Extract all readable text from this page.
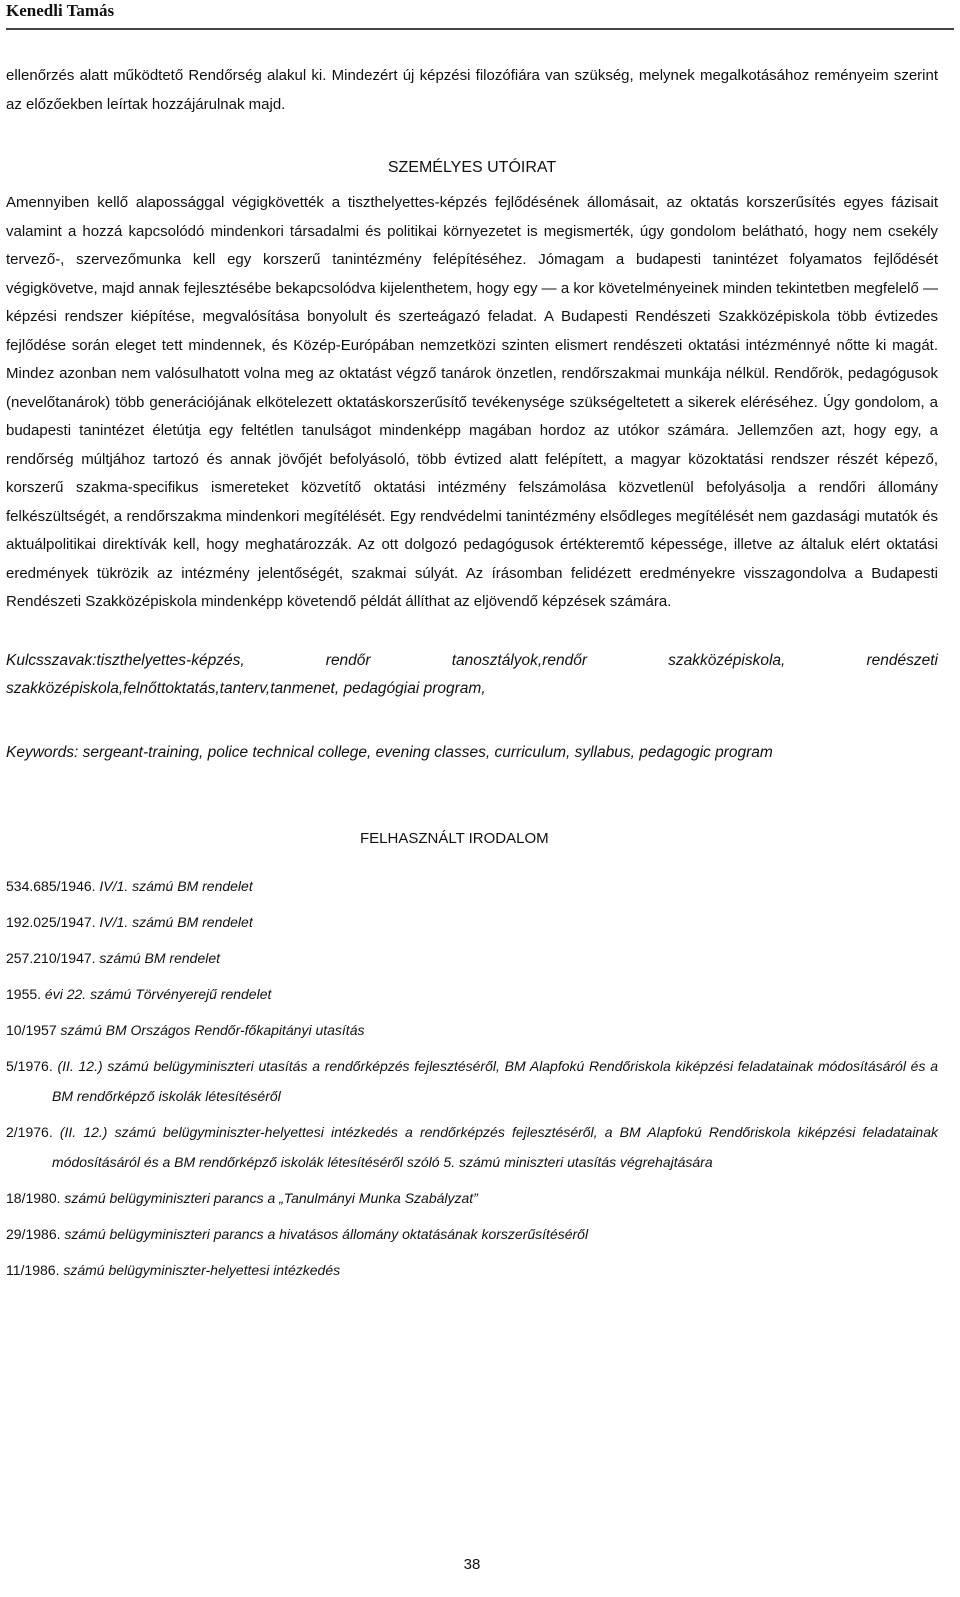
Kenedli Tamás

ellenőrzés alatt működtető Rendőrség alakul ki. Mindezért új képzési filozófiára van szükség, melynek megalkotásához reményeim szerint az előzőekben leírtak hozzájárulnak majd.

SZEMÉLYES UTÓIRAT

Amennyiben kellő alapossággal végigkövették a tiszthelyettes-képzés fejlődésének állomásait, az oktatás korszerűsítés egyes fázisait valamint a hozzá kapcsolódó mindenkori társadalmi és politikai környezetet is megismerték, úgy gondolom belátható, hogy nem csekély tervező-, szervezőmunka kell egy korszerű tanintézmény felépítéséhez. Jómagam a budapesti tanintézet folyamatos fejlődését végigkövetve, majd annak fejlesztésébe bekapcsolódva kijelenthetem, hogy egy — a kor követelményeinek minden tekintetben megfelelő — képzési rendszer kiépítése, megvalósítása bonyolult és szerteágazó feladat. A Budapesti Rendészeti Szakközépiskola több évtizedes fejlődése során eleget tett mindennek, és Közép-Európában nemzetközi szinten elismert rendészeti oktatási intézménnyé nőtte ki magát. Mindez azonban nem valósulhatott volna meg az oktatást végző tanárok önzetlen, rendőrszakmai munkája nélkül. Rendőrök, pedagógusok (nevelőtanárok) több generációjának elkötelezett oktatáskorszerűsítő tevékenysége szükségeltetett a sikerek eléréséhez. Úgy gondolom, a budapesti tanintézet életútja egy feltétlen tanulságot mindenképp magában hordoz az utókor számára. Jellemzően azt, hogy egy, a rendőrség múltjához tartozó és annak jövőjét befolyásoló, több évtized alatt felépített, a magyar közoktatási rendszer részét képező, korszerű szakma-specifikus ismereteket közvetítő oktatási intézmény felszámolása közvetlenül befolyásolja a rendőri állomány felkészültségét, a rendőrszakma mindenkori megítélését. Egy rendvédelmi tanintézmény elsődleges megítélését nem gazdasági mutatók és aktuálpolitikai direktívák kell, hogy meghatározzák. Az ott dolgozó pedagógusok értékteremtő képessége, illetve az általuk elért oktatási eredmények tükrözik az intézmény jelentőségét, szakmai súlyát. Az írásomban felidézett eredményekre visszagondolva a Budapesti Rendészeti Szakközépiskola mindenképp követendő példát állíthat az eljövendő képzések számára.

Kulcsszavak:tiszthelyettes-képzés, rendőr tanosztályok,rendőr szakközépiskola, rendészeti szakközépiskola,felnőttoktatás,tanterv,tanmenet, pedagógiai program,

Keywords: sergeant-training, police technical college, evening classes, curriculum, syllabus, pedagogic program

FELHASZNÁLT IRODALOM
534.685/1946. IV/1. számú BM rendelet
192.025/1947. IV/1. számú BM rendelet
257.210/1947. számú BM rendelet
1955. évi 22. számú Törvényerejű rendelet
10/1957 számú BM Országos Rendőr-főkapitányi utasítás
5/1976. (II. 12.) számú belügyminiszteri utasítás a rendőrképzés fejlesztéséről, BM Alapfokú Rendőriskola kiképzési feladatainak módosításáról és a BM rendőrképző iskolák létesítéséről
2/1976. (II. 12.) számú belügyminiszter-helyettesi intézkedés a rendőrképzés fejlesztéséről, a BM Alapfokú Rendőriskola kiképzési feladatainak módosításáról és a BM rendőrképző iskolák létesítéséről szóló 5. számú miniszteri utasítás végrehajtására
18/1980. számú belügyminiszteri parancs a „Tanulmányi Munka Szabályzat”
29/1986. számú belügyminiszteri parancs a hivatásos állomány oktatásának korszerűsítéséről
11/1986. számú belügyminiszter-helyettesi intézkedés
38
